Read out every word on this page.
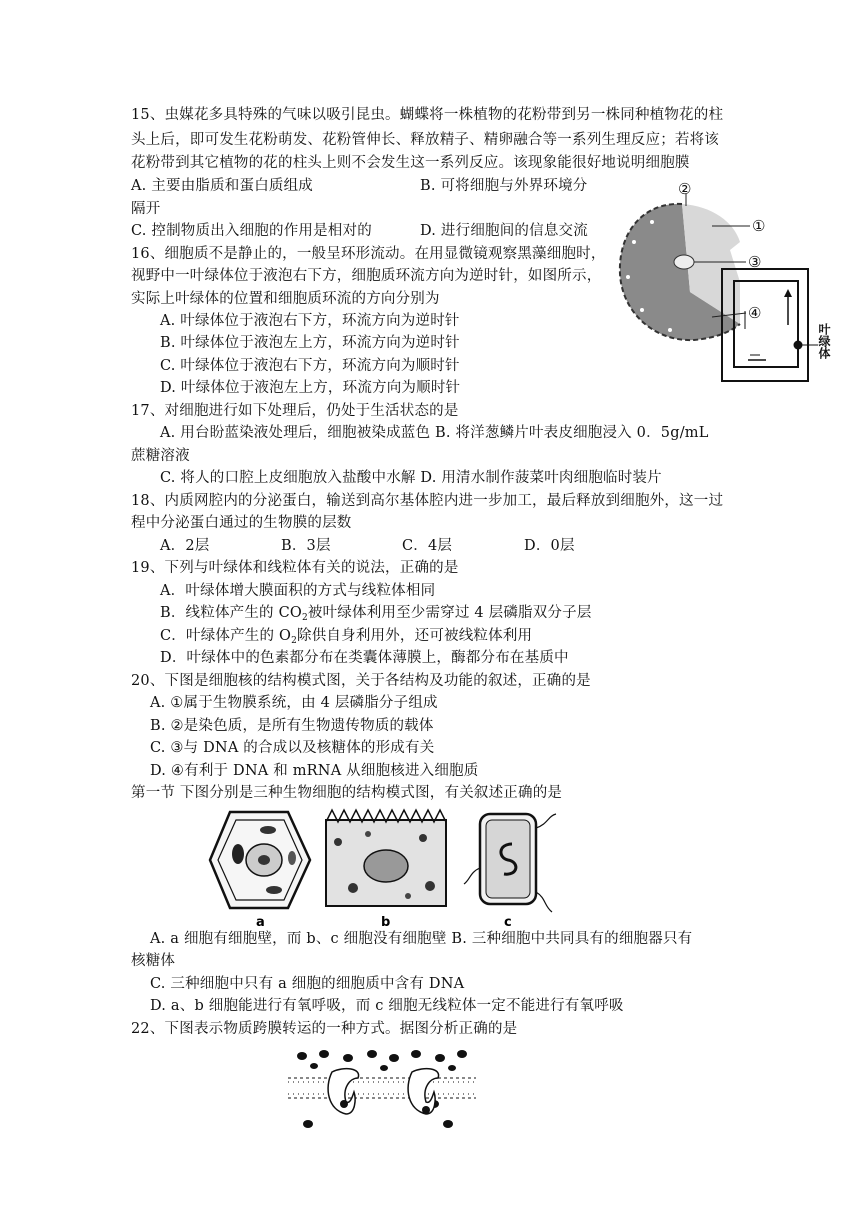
15、虫媒花多具特殊的气味以吸引昆虫。蝴蝶将一株植物的花粉带到另一株同种植物花的柱
头上后，即可发生花粉萌发、花粉管伸长、释放精子、精卵融合等一系列生理反应；若将该
花粉带到其它植物的花的柱头上则不会发生这一系列反应。该现象能很好地说明细胞膜
A. 主要由脂质和蛋白质组成	B. 可将细胞与外界环境分
隔开
C. 控制物质出入细胞的作用是相对的	D. 进行细胞间的信息交流
②
①
③
④
叶绿体
16、细胞质不是静止的，一般呈环形流动。在用显微镜观察黑藻细胞时，
视野中一叶绿体位于液泡右下方，细胞质环流方向为逆时针，如图所示，
实际上叶绿体的位置和细胞质环流的方向分别为
A. 叶绿体位于液泡右下方，环流方向为逆时针
B. 叶绿体位于液泡左上方，环流方向为逆时针
C. 叶绿体位于液泡右下方，环流方向为顺时针
D. 叶绿体位于液泡左上方，环流方向为顺时针
17、对细胞进行如下处理后，仍处于生活状态的是
A. 用台盼蓝染液处理后，细胞被染成蓝色 B. 将洋葱鳞片叶表皮细胞浸入 0．5g/mL
蔗糖溶液
C. 将人的口腔上皮细胞放入盐酸中水解 D. 用清水制作菠菜叶肉细胞临时装片
18、内质网腔内的分泌蛋白，输送到高尔基体腔内进一步加工，最后释放到细胞外，这一过
程中分泌蛋白通过的生物膜的层数
A．2层	B．3层	C．4层	D．0层
19、下列与叶绿体和线粒体有关的说法，正确的是
A．叶绿体增大膜面积的方式与线粒体相同
B．线粒体产生的 $CO_2$被叶绿体利用至少需穿过 4 层磷脂双分子层
C．叶绿体产生的 $O_2$除供自身利用外，还可被线粒体利用
D．叶绿体中的色素都分布在类囊体薄膜上，酶都分布在基质中
20、下图是细胞核的结构模式图，关于各结构及功能的叙述，正确的是
A. ①属于生物膜系统，由 4 层磷脂分子组成
B. ②是染色质，是所有生物遗传物质的载体
C. ③与 DNA 的合成以及核糖体的形成有关
D. ④有利于 DNA 和 mRNA 从细胞核进入细胞质
第一节 下图分别是三种生物细胞的结构模式图，有关叙述正确的是
a	b	c
A. a 细胞有细胞壁，而 b、c 细胞没有细胞壁 B. 三种细胞中共同具有的细胞器只有
核糖体
C. 三种细胞中只有 a 细胞的细胞质中含有 DNA
D. a、b 细胞能进行有氧呼吸，而 c 细胞无线粒体一定不能进行有氧呼吸
22、下图表示物质跨膜转运的一种方式。据图分析正确的是
